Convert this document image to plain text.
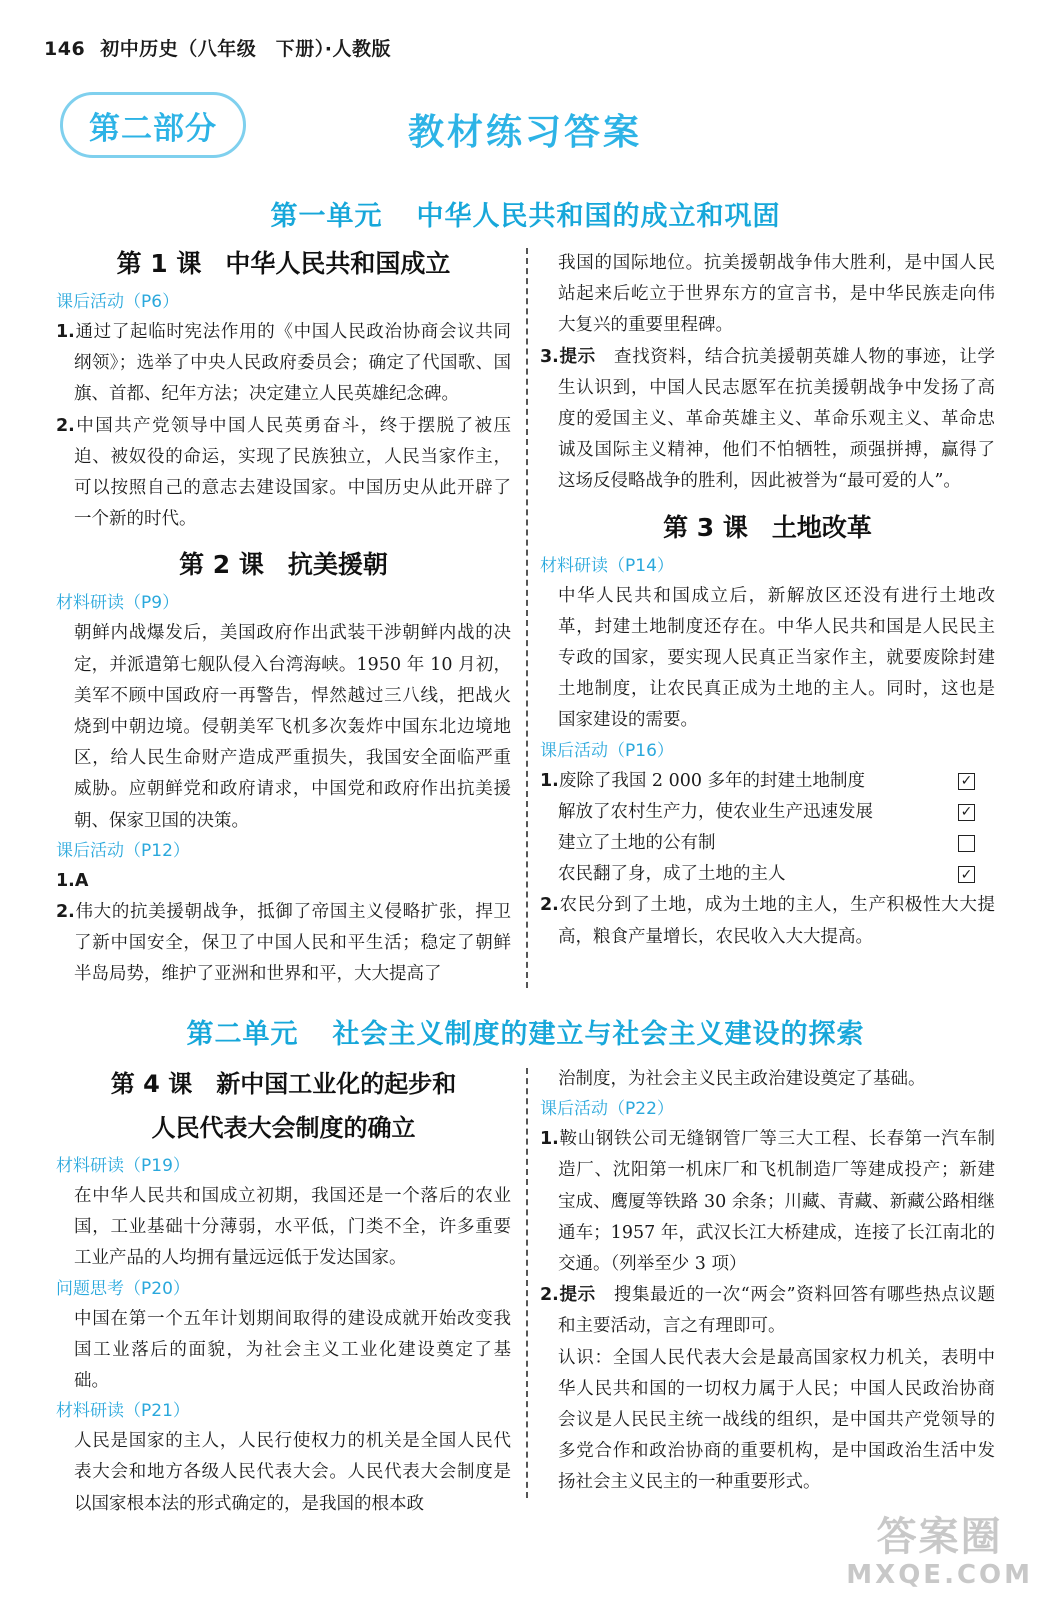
146 初中历史（八年级　下册）·人教版
第二部分	教材练习答案
第一单元 中华人民共和国的成立和巩固
第 1 课 中华人民共和国成立
课后活动（P6）
1.通过了起临时宪法作用的《中国人民政治协商会议共同纲领》；选举了中央人民政府委员会；确定了代国歌、国旗、首都、纪年方法；决定建立人民英雄纪念碑。
2.中国共产党领导中国人民英勇奋斗，终于摆脱了被压迫、被奴役的命运，实现了民族独立，人民当家作主，可以按照自己的意志去建设国家。中国历史从此开辟了一个新的时代。
第 2 课 抗美援朝
材料研读（P9）
朝鲜内战爆发后，美国政府作出武装干涉朝鲜内战的决定，并派遣第七舰队侵入台湾海峡。1950 年 10 月初，美军不顾中国政府一再警告，悍然越过三八线，把战火烧到中朝边境。侵朝美军飞机多次轰炸中国东北边境地区，给人民生命财产造成严重损失，我国安全面临严重威胁。应朝鲜党和政府请求，中国党和政府作出抗美援朝、保家卫国的决策。
课后活动（P12）
1.A
2.伟大的抗美援朝战争，抵御了帝国主义侵略扩张，捍卫了新中国安全，保卫了中国人民和平生活；稳定了朝鲜半岛局势，维护了亚洲和世界和平，大大提高了
我国的国际地位。抗美援朝战争伟大胜利，是中国人民站起来后屹立于世界东方的宣言书，是中华民族走向伟大复兴的重要里程碑。
3.提示　 查找资料，结合抗美援朝英雄人物的事迹，让学生认识到，中国人民志愿军在抗美援朝战争中发扬了高度的爱国主义、革命英雄主义、革命乐观主义、革命忠诚及国际主义精神，他们不怕牺牲，顽强拼搏，赢得了这场反侵略战争的胜利，因此被誉为“最可爱的人”。
第 3 课 土地改革
材料研读（P14）
中华人民共和国成立后，新解放区还没有进行土地改革，封建土地制度还存在。中华人民共和国是人民民主专政的国家，要实现人民真正当家作主，就要废除封建土地制度，让农民真正成为土地的主人。同时，这也是国家建设的需要。
课后活动（P16）
1.废除了我国 2 000 多年的封建土地制度	✓
解放了农村生产力，使农业生产迅速发展	✓
建立了土地的公有制
农民翻了身，成了土地的主人	✓
2.农民分到了土地，成为土地的主人，生产积极性大大提高，粮食产量增长，农民收入大大提高。
第二单元 社会主义制度的建立与社会主义建设的探索
第 4 课　新中国工业化的起步和
人民代表大会制度的确立
材料研读（P19）
在中华人民共和国成立初期，我国还是一个落后的农业国，工业基础十分薄弱，水平低，门类不全，许多重要工业产品的人均拥有量远远低于发达国家。
问题思考（P20）
中国在第一个五年计划期间取得的建设成就开始改变我国工业落后的面貌，为社会主义工业化建设奠定了基础。
材料研读（P21）
人民是国家的主人，人民行使权力的机关是全国人民代表大会和地方各级人民代表大会。人民代表大会制度是以国家根本法的形式确定的，是我国的根本政
治制度，为社会主义民主政治建设奠定了基础。
课后活动（P22）
1.鞍山钢铁公司无缝钢管厂等三大工程、长春第一汽车制造厂、沈阳第一机床厂和飞机制造厂等建成投产；新建宝成、鹰厦等铁路 30 余条；川藏、青藏、新藏公路相继通车；1957 年，武汉长江大桥建成，连接了长江南北的交通。（列举至少 3 项）
2.提示　 搜集最近的一次“两会”资料回答有哪些热点议题和主要活动，言之有理即可。
认识：全国人民代表大会是最高国家权力机关，表明中华人民共和国的一切权力属于人民；中国人民政治协商会议是人民民主统一战线的组织，是中国共产党领导的多党合作和政治协商的重要机构，是中国政治生活中发扬社会主义民主的一种重要形式。
答案圈
MXQE.COM
